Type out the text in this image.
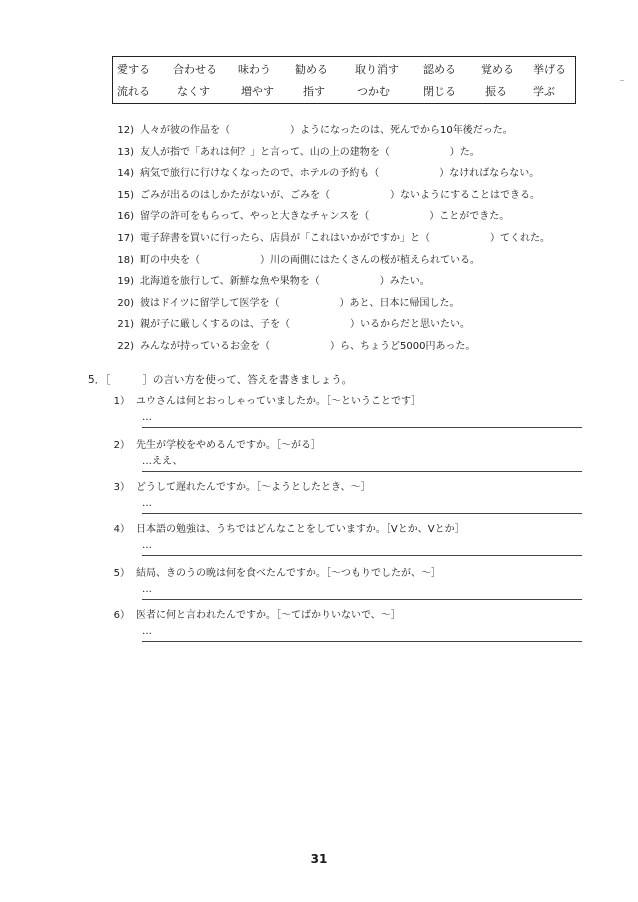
愛する 合わせる 味わう 勧める 取り消す 認める 覚める 挙げる
流れる なくす	増やす	指す	つかむ	閉じる	振る 学ぶ
12) 人々が彼の作品を（　　　　　　）ようになったのは、死んでから10年後だった。
13) 友人が指で「あれは何？」と言って、山の上の建物を（　　　　　　）た。
14) 病気で旅行に行けなくなったので、ホテルの予約も（　　　　　　）なければならない。
15) ごみが出るのはしかたがないが、ごみを（　　　　　　）ないようにすることはできる。
16) 留学の許可をもらって、やっと大きなチャンスを（　　　　　　）ことができた。
17) 電子辞書を買いに行ったら、店員が「これはいかがですか」と（　　　　　　）てくれた。
18) 町の中央を（　　　　　　）川の両側にはたくさんの桜が植えられている。
19) 北海道を旅行して、新鮮な魚や果物を（　　　　　　）みたい。
20) 彼はドイツに留学して医学を（　　　　　　）あと、日本に帰国した。
21) 親が子に厳しくするのは、子を（　　　　　　）いるからだと思いたい。
22) みんなが持っているお金を（　　　　　　）ら、ちょうど5000円あった。
5．［	］の言い方を使って、答えを書きましょう。
1） ユウさんは何とおっしゃっていましたか。［～ということです］
…
2） 先生が学校をやめるんですか。［～がる］
…ええ、
3） どうして遅れたんですか。［～ようとしたとき、～］
…
4） 日本語の勉強は、うちではどんなことをしていますか。［Vとか、Vとか］
…
5） 結局、きのうの晩は何を食べたんですか。［～つもりでしたが、～］
…
6） 医者に何と言われたんですか。［～てばかりいないで、～］
…
31
